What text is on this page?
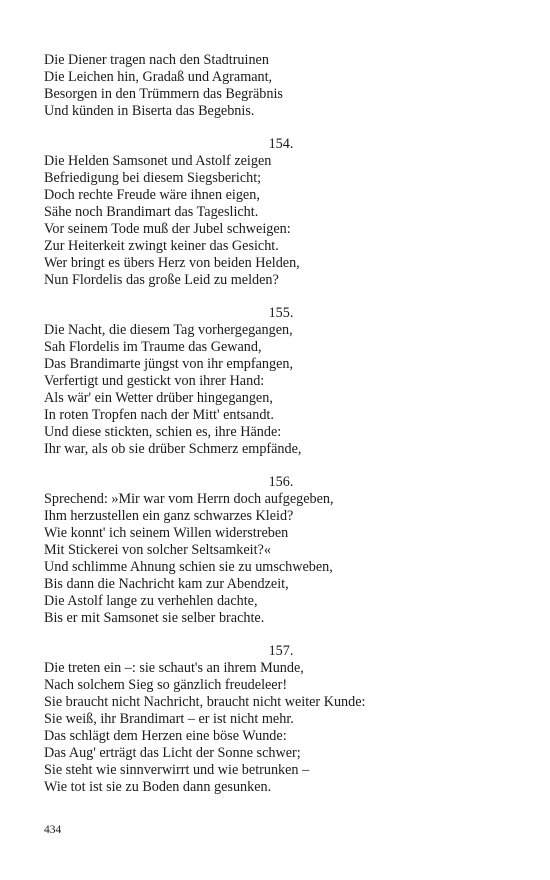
Die Diener tragen nach den Stadtruinen
Die Leichen hin, Gradaß und Agramant,
Besorgen in den Trümmern das Begräbnis
Und künden in Biserta das Begebnis.
154.
Die Helden Samsonet und Astolf zeigen
Befriedigung bei diesem Siegsbericht;
Doch rechte Freude wäre ihnen eigen,
Sähe noch Brandimart das Tageslicht.
Vor seinem Tode muß der Jubel schweigen:
Zur Heiterkeit zwingt keiner das Gesicht.
Wer bringt es übers Herz von beiden Helden,
Nun Flordelis das große Leid zu melden?
155.
Die Nacht, die diesem Tag vorhergegangen,
Sah Flordelis im Traume das Gewand,
Das Brandimarte jüngst von ihr empfangen,
Verfertigt und gestickt von ihrer Hand:
Als wär' ein Wetter drüber hingegangen,
In roten Tropfen nach der Mitt' entsandt.
Und diese stickten, schien es, ihre Hände:
Ihr war, als ob sie drüber Schmerz empfände,
156.
Sprechend: »Mir war vom Herrn doch aufgegeben,
Ihm herzustellen ein ganz schwarzes Kleid?
Wie konnt' ich seinem Willen widerstreben
Mit Stickerei von solcher Seltsamkeit?«
Und schlimme Ahnung schien sie zu umschweben,
Bis dann die Nachricht kam zur Abendzeit,
Die Astolf lange zu verhehlen dachte,
Bis er mit Samsonet sie selber brachte.
157.
Die treten ein –: sie schaut's an ihrem Munde,
Nach solchem Sieg so gänzlich freudeleer!
Sie braucht nicht Nachricht, braucht nicht weiter Kunde:
Sie weiß, ihr Brandimart – er ist nicht mehr.
Das schlägt dem Herzen eine böse Wunde:
Das Aug' erträgt das Licht der Sonne schwer;
Sie steht wie sinnverwirrt und wie betrunken –
Wie tot ist sie zu Boden dann gesunken.
434
